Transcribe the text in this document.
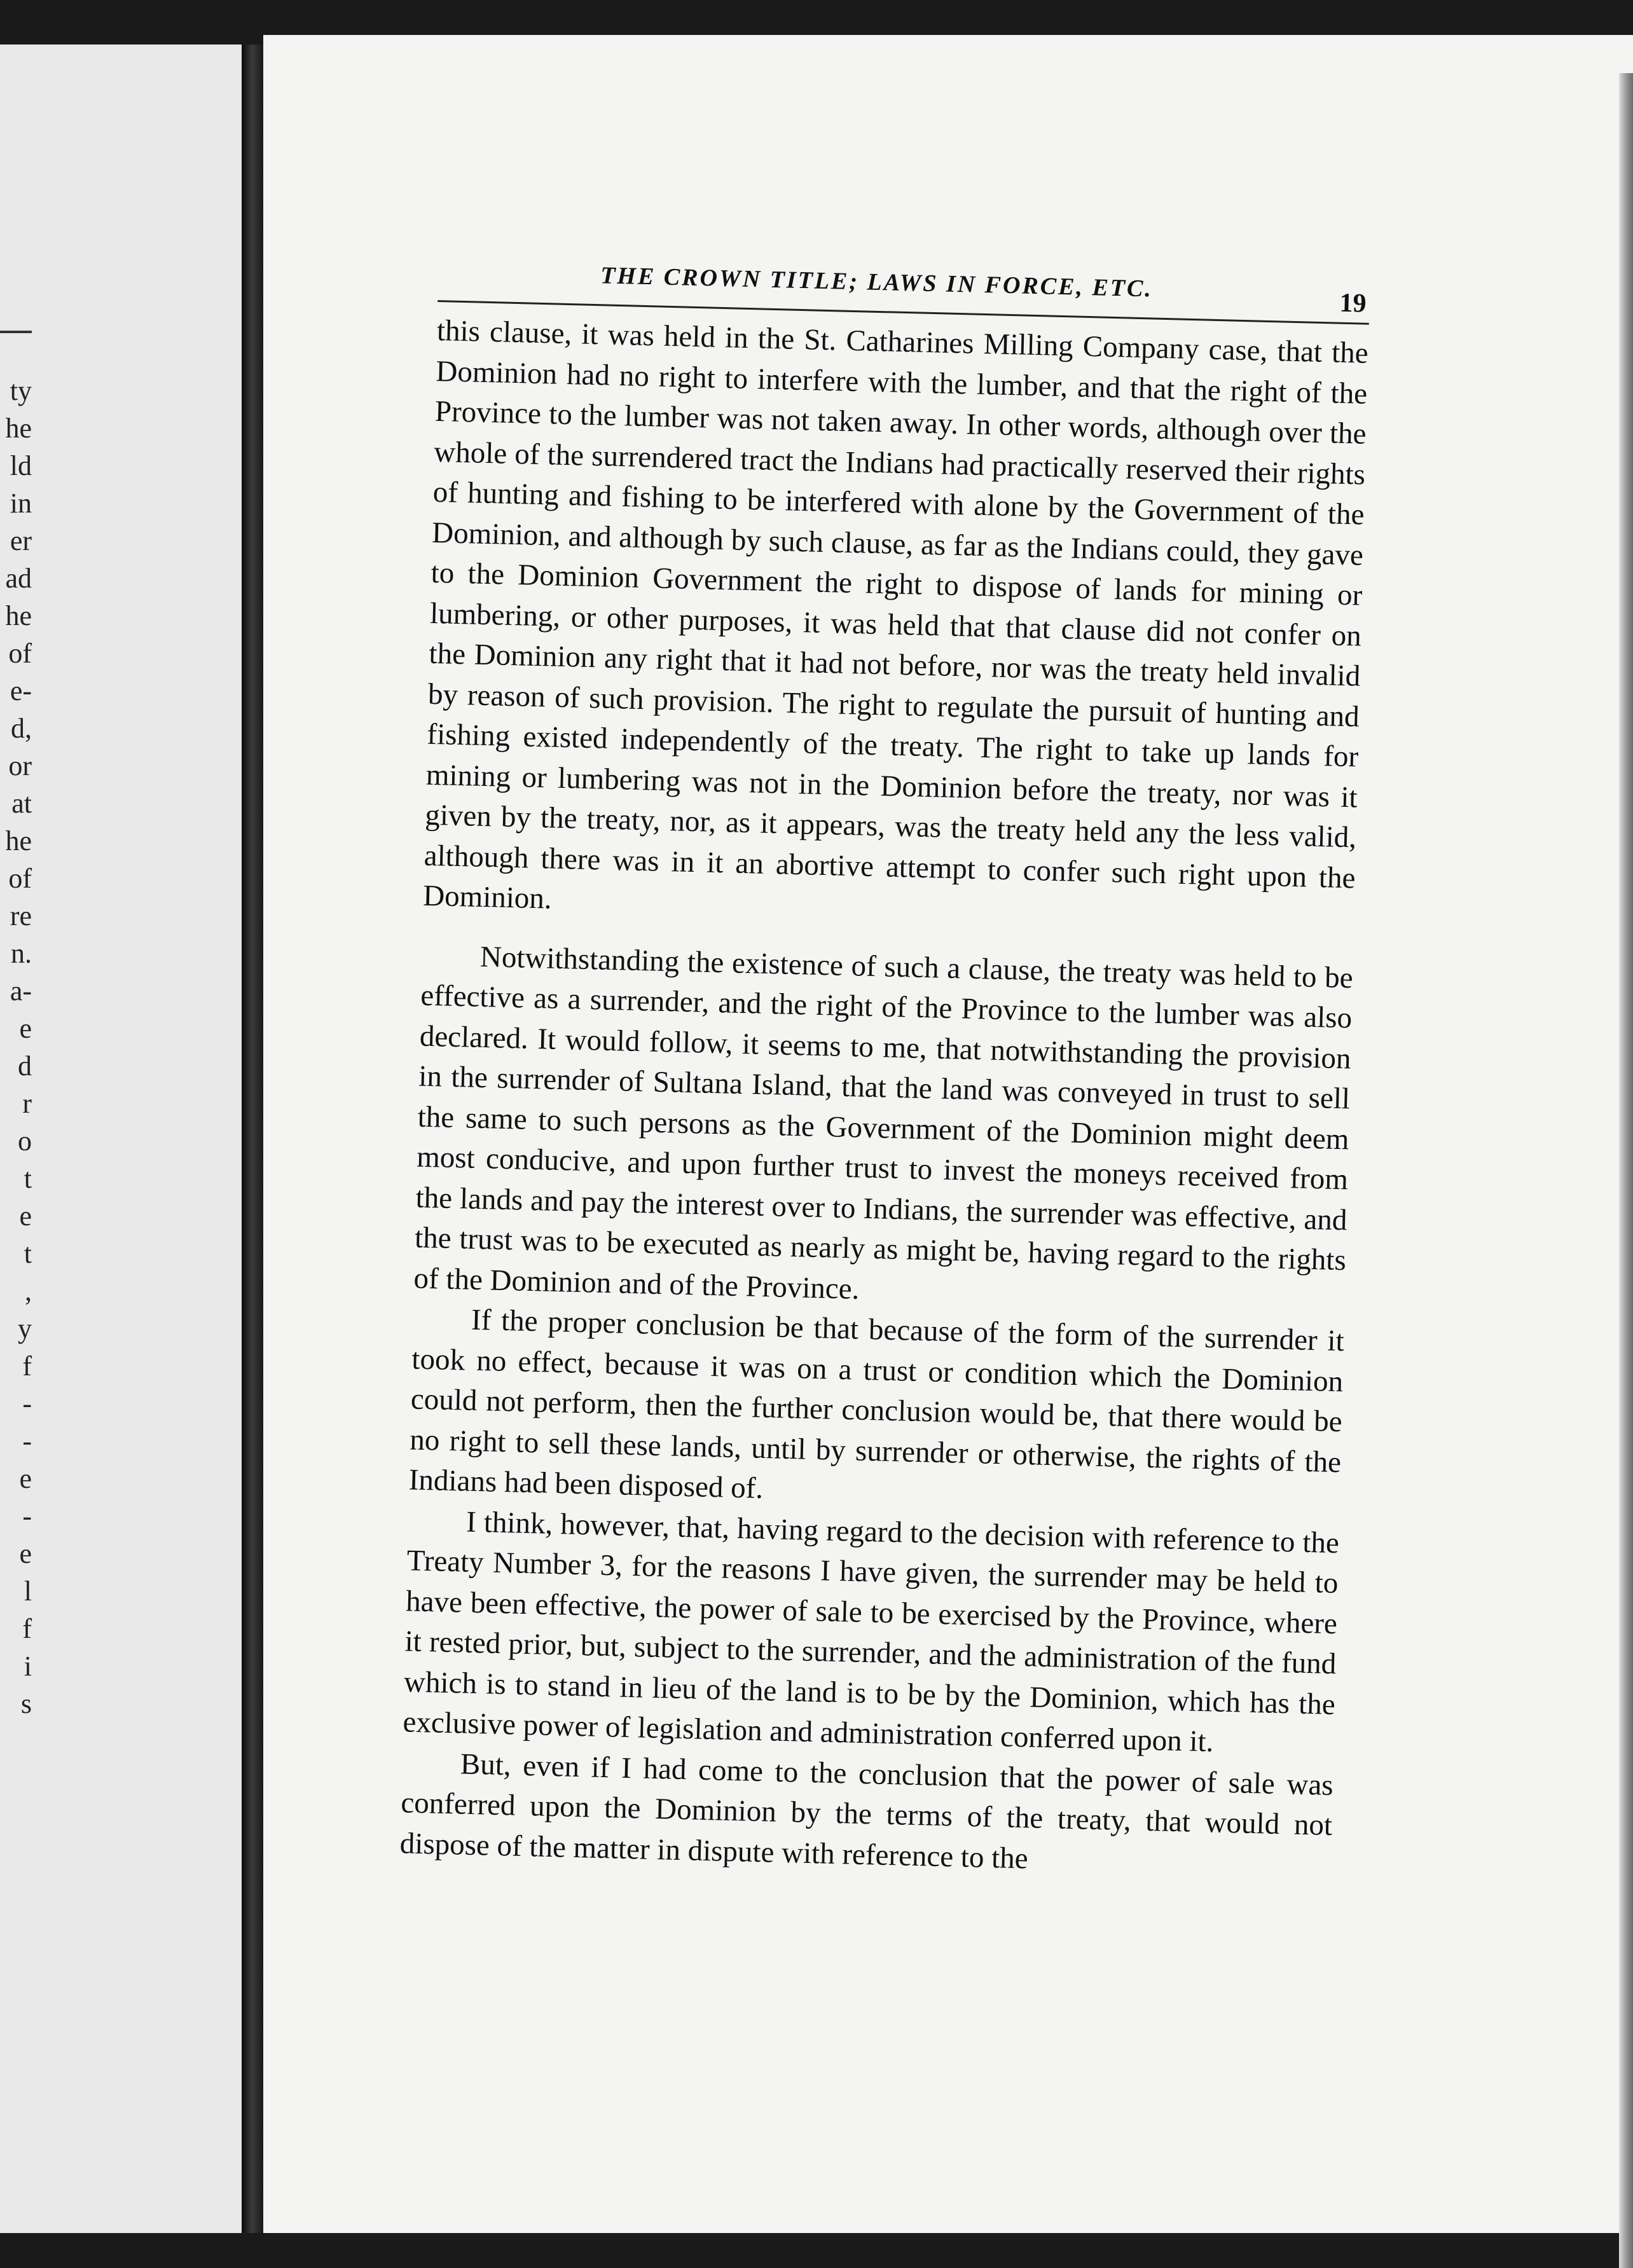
ty
he
ld
in
er
ad
he
of
e-
d,
or
at
he
of
re
n.
a-
e
d
r
o
t
e
t
,
y
f
-
-
e
-
e
l
f
i
s
THE CROWN TITLE; LAWS IN FORCE, ETC.
19

this clause, it was held in the St. Catharines Milling Company case, that the Dominion had no right to interfere with the lumber, and that the right of the Province to the lumber was not taken away. In other words, although over the whole of the surrendered tract the Indians had practically reserved their rights of hunting and fishing to be interfered with alone by the Government of the Dominion, and although by such clause, as far as the Indians could, they gave to the Dominion Government the right to dispose of lands for mining or lumbering, or other purposes, it was held that that clause did not confer on the Dominion any right that it had not before, nor was the treaty held invalid by reason of such provision. The right to regulate the pursuit of hunting and fishing existed independently of the treaty. The right to take up lands for mining or lumbering was not in the Dominion before the treaty, nor was it given by the treaty, nor, as it appears, was the treaty held any the less valid, although there was in it an abortive attempt to confer such right upon the Dominion.

Notwithstanding the existence of such a clause, the treaty was held to be effective as a surrender, and the right of the Province to the lumber was also declared. It would follow, it seems to me, that notwithstanding the provision in the surrender of Sultana Island, that the land was conveyed in trust to sell the same to such persons as the Government of the Dominion might deem most conducive, and upon further trust to invest the moneys received from the lands and pay the interest over to Indians, the surrender was effective, and the trust was to be executed as nearly as might be, having regard to the rights of the Dominion and of the Province.

If the proper conclusion be that because of the form of the surrender it took no effect, because it was on a trust or condition which the Dominion could not perform, then the further conclusion would be, that there would be no right to sell these lands, until by surrender or otherwise, the rights of the Indians had been disposed of.

I think, however, that, having regard to the decision with reference to the Treaty Number 3, for the reasons I have given, the surrender may be held to have been effective, the power of sale to be exercised by the Province, where it rested prior, but, subject to the surrender, and the administration of the fund which is to stand in lieu of the land is to be by the Dominion, which has the exclusive power of legislation and administration conferred upon it.

But, even if I had come to the conclusion that the power of sale was conferred upon the Dominion by the terms of the treaty, that would not dispose of the matter in dispute with reference to the
